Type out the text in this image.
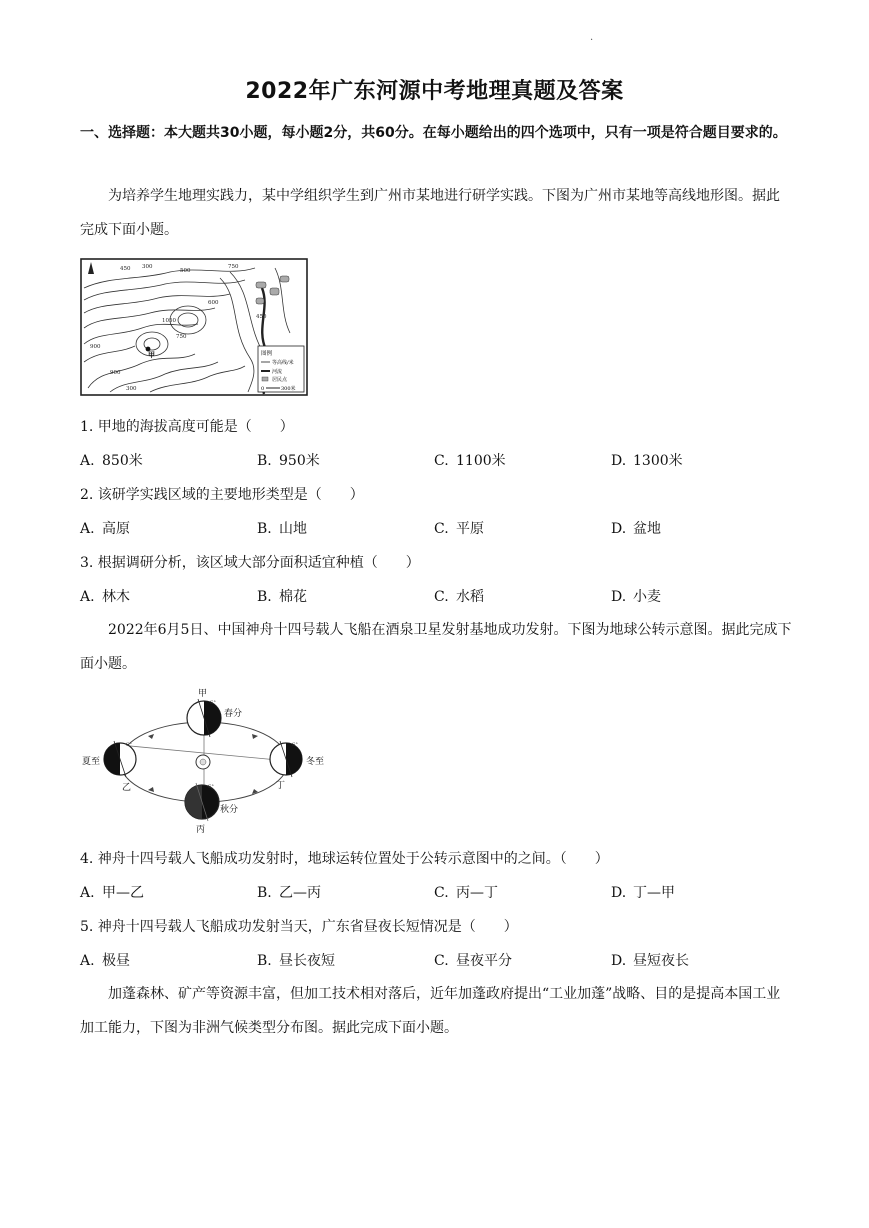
.
2022年广东河源中考地理真题及答案
一、选择题：本大题共30小题，每小题2分，共60分。在每小题给出的四个选项中，只有一项是符合题目要求的。
为培养学生地理实践力，某中学组织学生到广州市某地进行研学实践。下图为广州市某地等高线地形图。据此完成下面小题。
450 300
500
750
600
1050
900
750
450
900
300
甲	图例
等高线/米
河流
居民点
0	300米
1. 甲地的海拔高度可能是（　　）
A. 850米	B. 950米	C. 1100米	D. 1300米
2. 该研学实践区域的主要地形类型是（　　）
A. 高原	B. 山地	C. 平原	D. 盆地
3. 根据调研分析，该区域大部分面积适宜种植（　　）
A. 林木	B. 棉花	C. 水稻	D. 小麦
2022年6月5日、中国神舟十四号载人飞船在酒泉卫星发射基地成功发射。下图为地球公转示意图。据此完成下面小题。
甲
春分
夏至
乙
冬至
丁
秋分
丙
S°
S°	S°
S°
4. 神舟十四号载人飞船成功发射时，地球运转位置处于公转示意图中的之间。（　　）
A. 甲—乙	B. 乙—丙	C. 丙—丁	D. 丁—甲
5. 神舟十四号载人飞船成功发射当天，广东省昼夜长短情况是（　　）
A. 极昼	B. 昼长夜短	C. 昼夜平分	D. 昼短夜长
加蓬森林、矿产等资源丰富，但加工技术相对落后，近年加蓬政府提出“工业加蓬”战略、目的是提高本国工业加工能力，下图为非洲气候类型分布图。据此完成下面小题。
